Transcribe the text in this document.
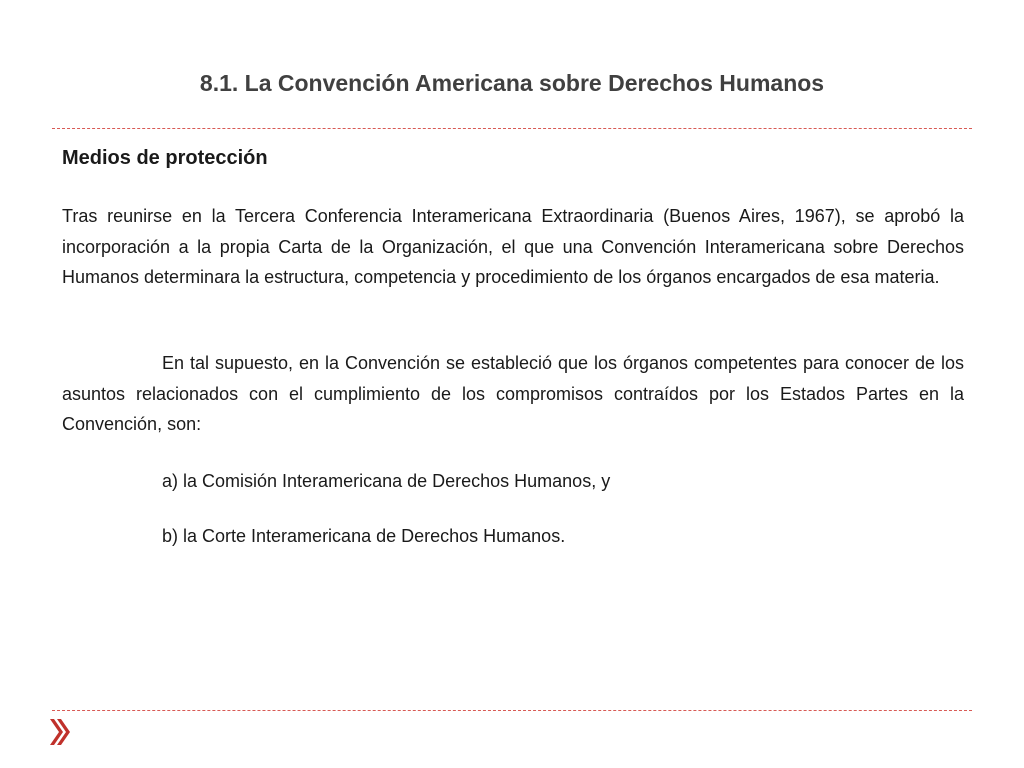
8.1. La Convención Americana sobre Derechos Humanos
Medios de protección

Tras reunirse en la Tercera Conferencia Interamericana Extraordinaria (Buenos Aires, 1967), se aprobó la incorporación a la propia Carta de la Organización, el que una Convención Interamericana sobre Derechos Humanos determinara la estructura, competencia y procedimiento de los órganos encargados de esa materia.

En tal supuesto, en la Convención se estableció que los órganos competentes para conocer de los asuntos relacionados con el cumplimiento de los compromisos contraídos por los Estados Partes en la Convención, son:

a) la Comisión Interamericana de Derechos Humanos, y

b) la Corte Interamericana de Derechos Humanos.
